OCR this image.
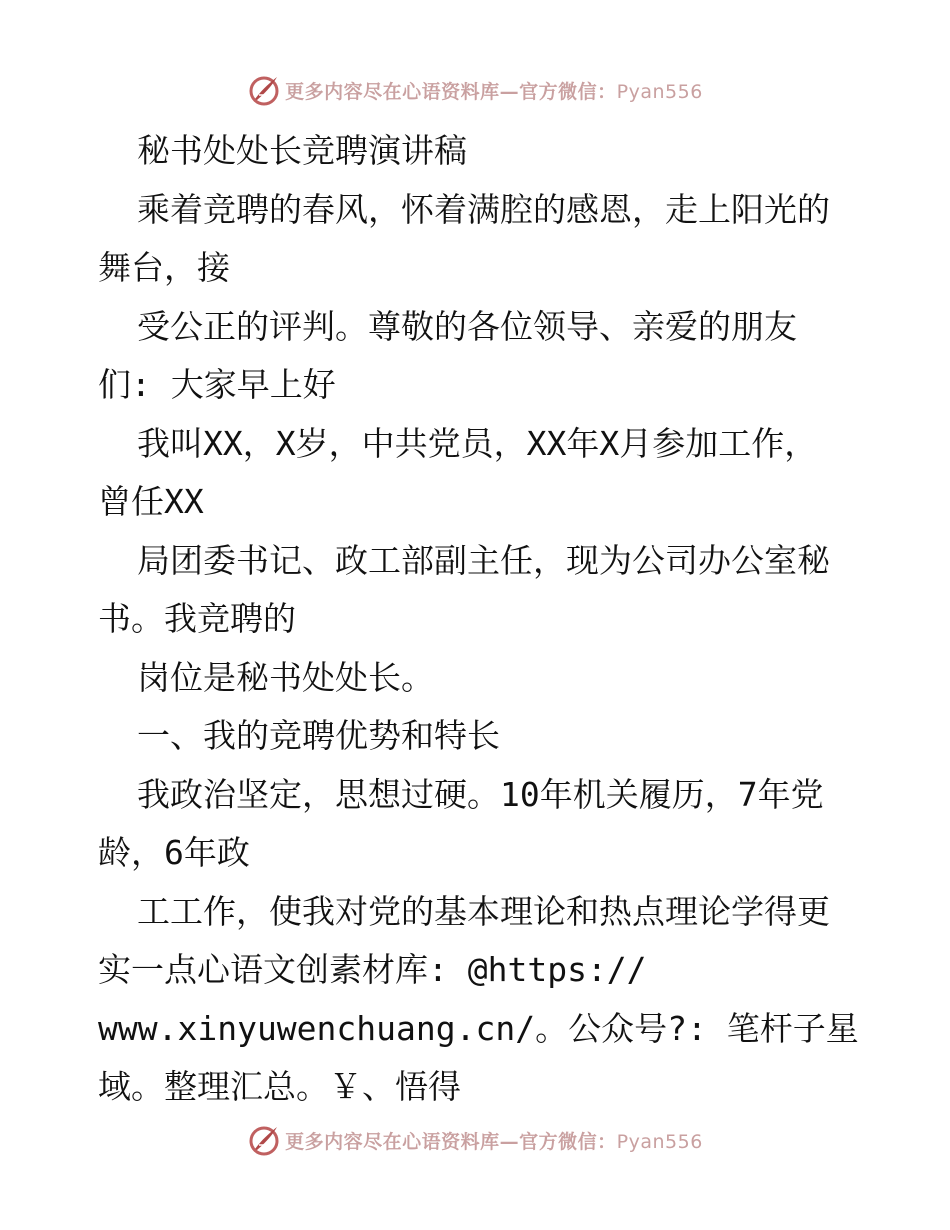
更多内容尽在心语资料库—官方微信：Pyan556
秘书处处长竞聘演讲稿
乘着竞聘的春风，怀着满腔的感恩，走上阳光的
舞台，接
受公正的评判。尊敬的各位领导、亲爱的朋友
们: 大家早上好
我叫XX，X岁，中共党员，XX年X月参加工作，
曾任XX
局团委书记、政工部副主任，现为公司办公室秘
书。我竞聘的
岗位是秘书处处长。
一、我的竞聘优势和特长
我政治坚定，思想过硬。10年机关履历，7年党
龄，6年政
工工作，使我对党的基本理论和热点理论学得更
实一点心语文创素材库: @https://
www.xinyuwenchuang.cn/。公众号?: 笔杆子星
域。整理汇总。￥、悟得
更多内容尽在心语资料库—官方微信：Pyan556
